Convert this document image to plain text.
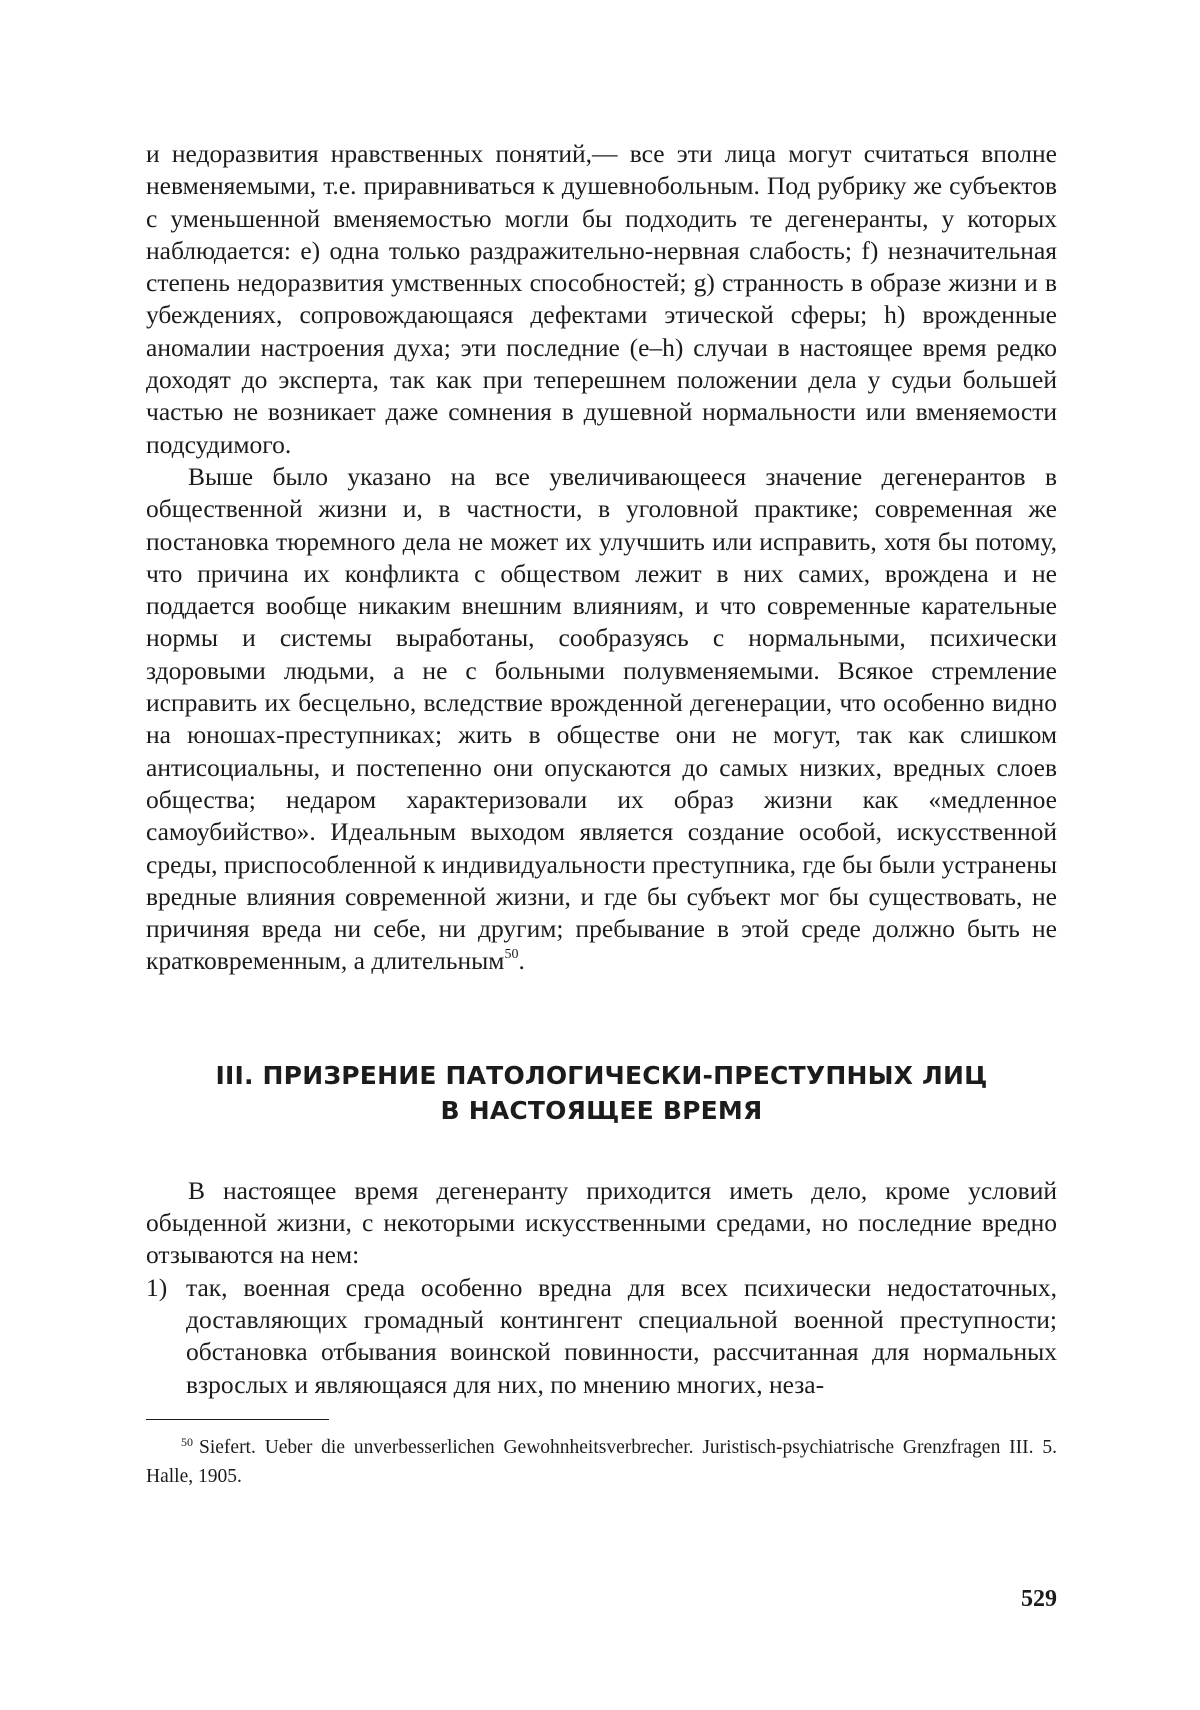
и недоразвития нравственных понятий,— все эти лица могут считаться вполне невменяемыми, т.е. приравниваться к душевнобольным. Под рубрику же субъектов с уменьшенной вменяемостью могли бы подходить те дегенеранты, у которых наблюдается: e) одна только раздражительно-нервная слабость; f) незначительная степень недоразвития умственных способностей; g) странность в образе жизни и в убеждениях, сопровождающаяся дефектами этической сферы; h) врожденные аномалии настроения духа; эти последние (e–h) случаи в настоящее время редко доходят до эксперта, так как при теперешнем положении дела у судьи большей частью не возникает даже сомнения в душевной нормальности или вменяемости подсудимого.

Выше было указано на все увеличивающееся значение дегенерантов в общественной жизни и, в частности, в уголовной практике; современная же постановка тюремного дела не может их улучшить или исправить, хотя бы потому, что причина их конфликта с обществом лежит в них самих, врождена и не поддается вообще никаким внешним влияниям, и что современные карательные нормы и системы выработаны, сообразуясь с нормальными, психически здоровыми людьми, а не с больными полувменяемыми. Всякое стремление исправить их бесцельно, вследствие врожденной дегенерации, что особенно видно на юношах-преступниках; жить в обществе они не могут, так как слишком антисоциальны, и постепенно они опускаются до самых низких, вредных слоев общества; недаром характеризовали их образ жизни как «медленное самоубийство». Идеальным выходом является создание особой, искусственной среды, приспособленной к индивидуальности преступника, где бы были устранены вредные влияния современной жизни, и где бы субъект мог бы существовать, не причиняя вреда ни себе, ни другим; пребывание в этой среде должно быть не кратковременным, а длительным$^{50}$.

III. ПРИЗРЕНИЕ ПАТОЛОГИЧЕСКИ-ПРЕСТУПНЫХ ЛИЦ
В НАСТОЯЩЕЕ ВРЕМЯ

В настоящее время дегенеранту приходится иметь дело, кроме условий обыденной жизни, с некоторыми искусственными средами, но последние вредно отзываются на нем:

1) так, военная среда особенно вредна для всех психически недостаточных, доставляющих громадный контингент специальной военной преступности; обстановка отбывания воинской повинности, рассчитанная для нормальных взрослых и являющаяся для них, по мнению многих, неза-

$^{50}$ Siefert. Ueber die unverbesserlichen Gewohnheitsverbrecher. Juristisch-psychiatrische Grenzfragen III. 5. Halle, 1905.

529
